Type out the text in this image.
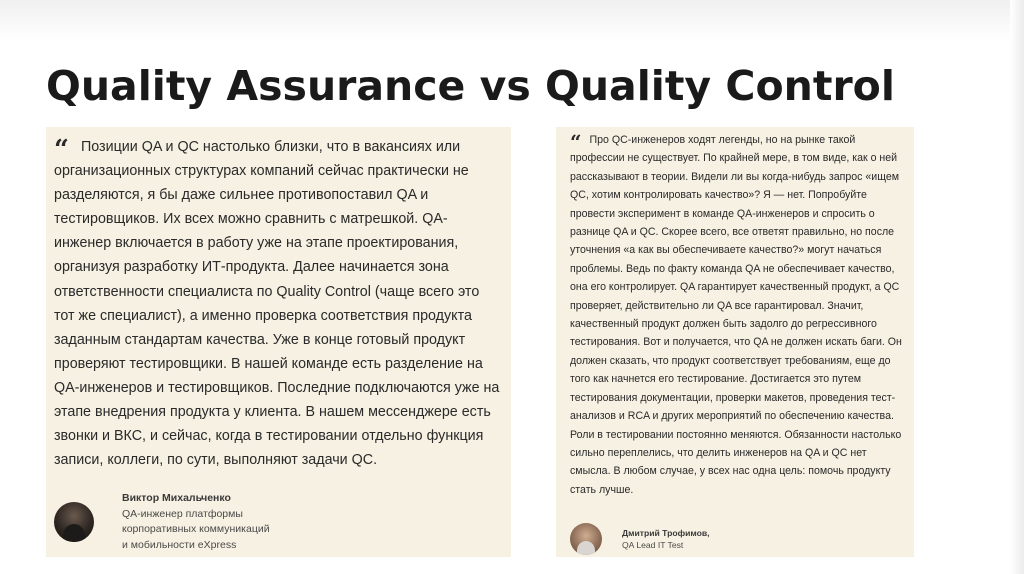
Quality Assurance vs Quality Control

“ Позиции QA и QC настолько близки, что в вакансиях или организационных структурах компаний сейчас практически не разделяются, я бы даже сильнее противопоставил QA и тестировщиков. Их всех можно сравнить с матрешкой. QA-инженер включается в работу уже на этапе проектирования, организуя разработку ИТ-продукта. Далее начинается зона ответственности специалиста по Quality Control (чаще всего это тот же специалист), а именно проверка соответствия продукта заданным стандартам качества. Уже в конце готовый продукт проверяют тестировщики. В нашей команде есть разделение на QA-инженеров и тестировщиков. Последние подключаются уже на этапе внедрения продукта у клиента. В нашем мессенджере есть звонки и ВКС, и сейчас, когда в тестировании отдельно функция записи, коллеги, по сути, выполняют задачи QC.

Виктор Михальченко
QA-инженер платформы
корпоративных коммуникаций
и мобильности eXpress

“ Про QC-инженеров ходят легенды, но на рынке такой профессии не существует. По крайней мере, в том виде, как о ней рассказывают в теории. Видели ли вы когда-нибудь запрос «ищем QC, хотим контролировать качество»? Я — нет. Попробуйте провести эксперимент в команде QA-инженеров и спросить о разнице QA и QC. Скорее всего, все ответят правильно, но после уточнения «а как вы обеспечиваете качество?» могут начаться проблемы. Ведь по факту команда QA не обеспечивает качество, она его контролирует. QA гарантирует качественный продукт, а QC проверяет, действительно ли QA все гарантировал. Значит, качественный продукт должен быть задолго до регрессивного тестирования. Вот и получается, что QA не должен искать баги. Он должен сказать, что продукт соответствует требованиям, еще до того как начнется его тестирование. Достигается это путем тестирования документации, проверки макетов, проведения тест-анализов и RCA и других мероприятий по обеспечению качества. Роли в тестировании постоянно меняются. Обязанности настолько сильно переплелись, что делить инженеров на QA и QC нет смысла. В любом случае, у всех нас одна цель: помочь продукту стать лучше.

Дмитрий Трофимов,
QA Lead IT Test
